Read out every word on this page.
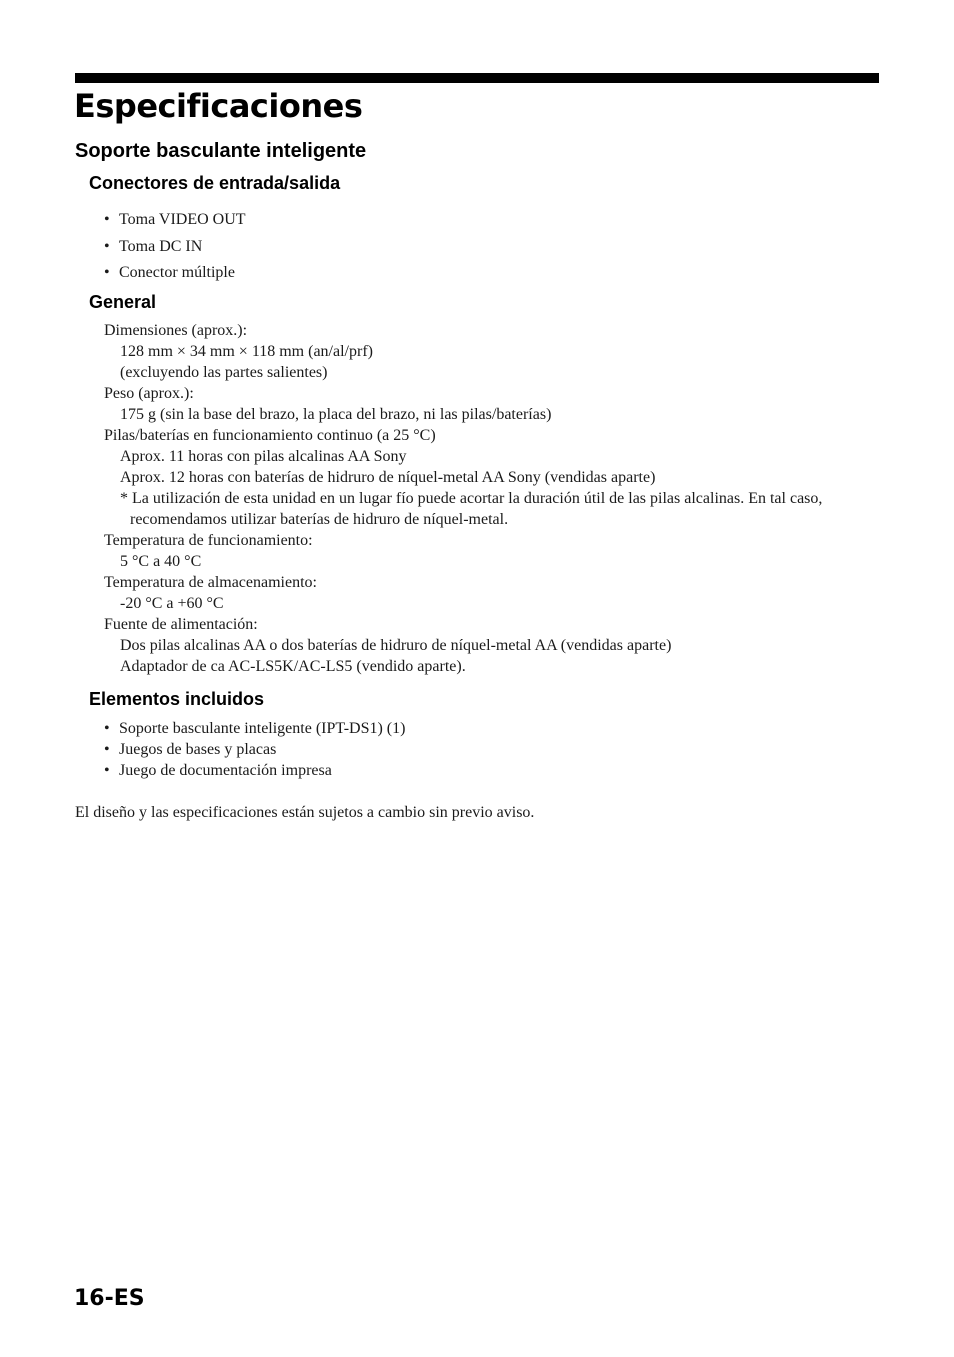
Especificaciones
Soporte basculante inteligente
Conectores de entrada/salida
• Toma VIDEO OUT
• Toma DC IN
• Conector múltiple
General

Dimensiones (aprox.):

128 mm × 34 mm × 118 mm (an/al/prf)

(excluyendo las partes salientes)

Peso (aprox.):

175 g (sin la base del brazo, la placa del brazo, ni las pilas/baterías)

Pilas/baterías en funcionamiento continuo (a 25 °C)

Aprox. 11 horas con pilas alcalinas AA Sony

Aprox. 12 horas con baterías de hidruro de níquel-metal AA Sony (vendidas aparte)

* La utilización de esta unidad en un lugar fío puede acortar la duración útil de las pilas alcalinas. En tal caso, recomendamos utilizar baterías de hidruro de níquel-metal.

Temperatura de funcionamiento:

5 °C a 40 °C

Temperatura de almacenamiento:

-20 °C a +60 °C

Fuente de alimentación:

Dos pilas alcalinas AA o dos baterías de hidruro de níquel-metal AA (vendidas aparte)

Adaptador de ca AC-LS5K/AC-LS5 (vendido aparte).

Elementos incluidos
• Soporte basculante inteligente (IPT-DS1) (1)
• Juegos de bases y placas
• Juego de documentación impresa

El diseño y las especificaciones están sujetos a cambio sin previo aviso.

16-ES
